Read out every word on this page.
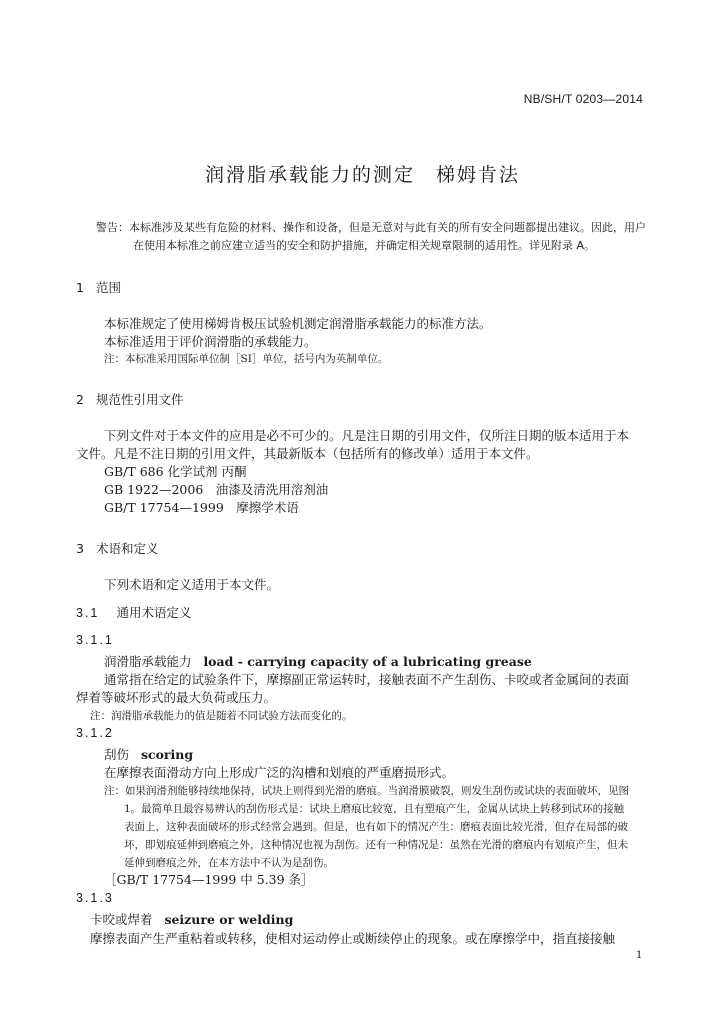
NB/SH/T 0203—2014
润滑脂承载能力的测定　梯姆肯法
警告：本标准涉及某些有危险的材料、操作和设备，但是无意对与此有关的所有安全问题都提出建议。因此，用户
在使用本标准之前应建立适当的安全和防护措施，并确定相关规章限制的适用性。详见附录 A。
1 范围
本标准规定了使用梯姆肯极压试验机测定润滑脂承载能力的标准方法。
本标准适用于评价润滑脂的承载能力。
注：本标准采用国际单位制［SI］单位，括号内为英制单位。
2 规范性引用文件
下列文件对于本文件的应用是必不可少的。凡是注日期的引用文件，仅所注日期的版本适用于本
文件。凡是不注日期的引用文件，其最新版本（包括所有的修改单）适用于本文件。
GB/T 686 化学试剂 丙酮
GB 1922—2006　油漆及清洗用溶剂油
GB/T 17754—1999　摩擦学术语
3 术语和定义
下列术语和定义适用于本文件。
3.1 通用术语定义
3.1.1
润滑脂承载能力 load - carrying capacity of a lubricating grease
通常指在给定的试验条件下，摩擦副正常运转时，接触表面不产生刮伤、卡咬或者金属间的表面
焊着等破坏形式的最大负荷或压力。
注：润滑脂承载能力的值是随着不同试验方法而变化的。
3.1.2
刮伤 scoring
在摩擦表面滑动方向上形成广泛的沟槽和划痕的严重磨损形式。
注：如果润滑剂能够持续地保持，试块上则得到光滑的磨痕。当润滑膜破裂，则发生刮伤或试块的表面破坏，见图
1。最简单且最容易辨认的刮伤形式是：试块上磨痕比较宽，且有塑痕产生，金属从试块上转移到试环的接触
表面上，这种表面破坏的形式经常会遇到。但是，也有如下的情况产生：磨痕表面比较光滑，但存在局部的破
坏，即划痕延伸到磨痕之外，这种情况也视为刮伤。还有一种情况是：虽然在光滑的磨痕内有划痕产生，但未
延伸到磨痕之外，在本方法中不认为是刮伤。
［GB/T 17754—1999 中 5.39 条］
3.1.3
卡咬或焊着 seizure or welding
摩擦表面产生严重粘着或转移，使相对运动停止或断续停止的现象。或在摩擦学中，指直接接触
1
